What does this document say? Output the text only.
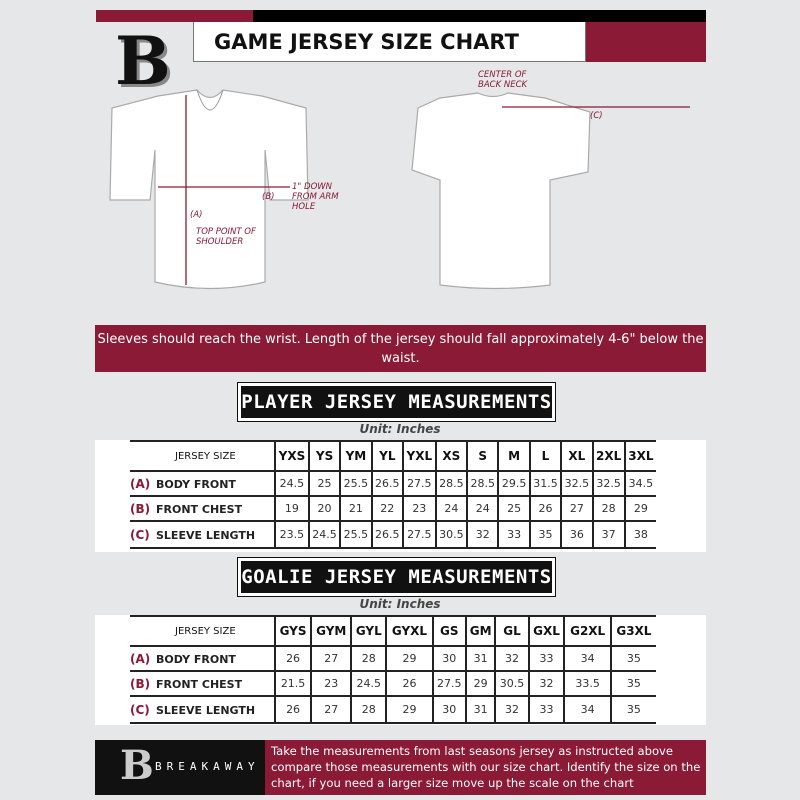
GAME JERSEY SIZE CHART
B	CENTER OF BACK NECK
(B)
1" DOWN FROM ARM HOLE
(A)
TOP POINT OF SHOULDER
(C)
Sleeves should reach the wrist. Length of the jersey should fall approximately 4-6" below the waist.
PLAYER JERSEY MEASUREMENTS
Unit: Inches
JERSEY SIZE	YXS	YS	YM	YL	YXL	XS	S	M	L	XL	2XL	3XL
(A) BODY FRONT	24.5	25	25.5	26.5	27.5	28.5	28.5	29.5	31.5	32.5	32.5	34.5
(B) FRONT CHEST	19	20	21	22	23	24	24	25	26	27	28	29
(C) SLEEVE LENGTH	23.5	24.5	25.5	26.5	27.5	30.5	32	33	35	36	37	38
GOALIE JERSEY MEASUREMENTS
Unit: Inches
JERSEY SIZE	GYS	GYM	GYL	GYXL	GS	GM	GL	GXL	G2XL	G3XL
(A) BODY FRONT	26	27	28	29	30	31	32	33	34	35
(B) FRONT CHEST	21.5	23	24.5	26	27.5	29	30.5	32	33.5	35
(C) SLEEVE LENGTH	26	27	28	29	30	31	32	33	34	35
BREAKAWAY
B	Take the measurements from last seasons jersey as instructed above compare those measurements with our size chart. Identify the size on the chart, if you need a larger size move up the scale on the chart
